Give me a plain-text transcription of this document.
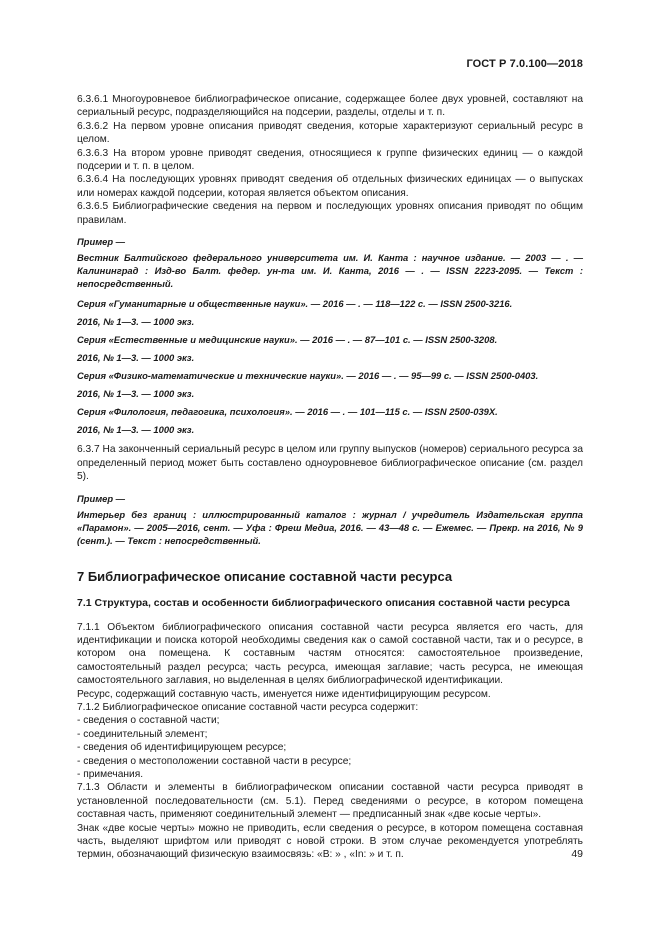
ГОСТ Р 7.0.100—2018

6.3.6.1 Многоуровневое библиографическое описание, содержащее более двух уровней, составляют на сериальный ресурс, подразделяющийся на подсерии, разделы, отделы и т. п.

6.3.6.2 На первом уровне описания приводят сведения, которые характеризуют сериальный ресурс в целом.

6.3.6.3 На втором уровне приводят сведения, относящиеся к группе физических единиц — о каждой подсерии и т. п. в целом.

6.3.6.4 На последующих уровнях приводят сведения об отдельных физических единицах — о выпусках или номерах каждой подсерии, которая является объектом описания.

6.3.6.5 Библиографические сведения на первом и последующих уровнях описания приводят по общим правилам.

Пример —

Вестник Балтийского федерального университета им. И. Канта : научное издание. — 2003 — . — Калининград : Изд-во Балт. федер. ун-та им. И. Канта, 2016 — . — ISSN 2223-2095. — Текст : непосредственный.

Серия «Гуманитарные и общественные науки». — 2016 — . — 118—122 с. — ISSN 2500-3216.

2016, № 1—3. — 1000 экз.

Серия «Естественные и медицинские науки». — 2016 — . — 87—101 с. — ISSN 2500-3208.

2016, № 1—3. — 1000 экз.

Серия «Физико-математические и технические науки». — 2016 — . — 95—99 с. — ISSN 2500-0403.

2016, № 1—3. — 1000 экз.

Серия «Филология, педагогика, психология». — 2016 — . — 101—115 с. — ISSN 2500-039X.

2016, № 1—3. — 1000 экз.

6.3.7 На законченный сериальный ресурс в целом или группу выпусков (номеров) сериального ресурса за определенный период может быть составлено одноуровневое библиографическое описание (см. раздел 5).

Пример —

Интерьер без границ : иллюстрированный каталог : журнал / учредитель Издательская группа «Парамон». — 2005—2016, сент. — Уфа : Фреш Медиа, 2016. — 43—48 с. — Ежемес. — Прекр. на 2016, № 9 (сент.). — Текст : непосредственный.

7 Библиографическое описание составной части ресурса
7.1 Структура, состав и особенности библиографического описания составной части ресурса

7.1.1 Объектом библиографического описания составной части ресурса является его часть, для идентификации и поиска которой необходимы сведения как о самой составной части, так и о ресурсе, в котором она помещена. К составным частям относятся: самостоятельное произведение, самостоятельный раздел ресурса; часть ресурса, имеющая заглавие; часть ресурса, не имеющая самостоятельного заглавия, но выделенная в целях библиографической идентификации.

Ресурс, содержащий составную часть, именуется ниже идентифицирующим ресурсом.

7.1.2 Библиографическое описание составной части ресурса содержит:

- сведения о составной части;

- соединительный элемент;

- сведения об идентифицирующем ресурсе;

- сведения о местоположении составной части в ресурсе;

- примечания.

7.1.3 Области и элементы в библиографическом описании составной части ресурса приводят в установленной последовательности (см. 5.1). Перед сведениями о ресурсе, в котором помещена составная часть, применяют соединительный элемент — предписанный знак «две косые черты».

Знак «две косые черты» можно не приводить, если сведения о ресурсе, в котором помещена составная часть, выделяют шрифтом или приводят с новой строки. В этом случае рекомендуется употреблять термин, обозначающий физическую взаимосвязь: «В: » , «In: » и т. п.	49
